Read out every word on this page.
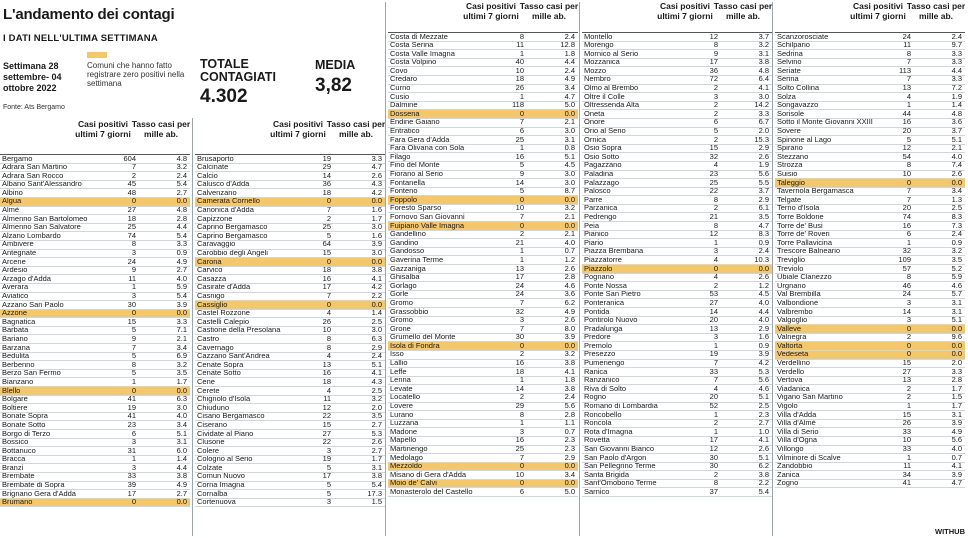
L'andamento dei contagi
I DATI NELL'ULTIMA SETTIMANA
Settimana 28 settembre- 04 ottobre 2022
Comuni che hanno fatto registrare zero positivi nella settimana
Fonte: Ats Bergamo
TOTALE CONTAGIATI
4.302
MEDIA
3,82
WITHUB
Casi positivi ultimi 7 giorni
Tasso casi per mille ab.
Bergamo	604	4.8
Adrara San Martino	7	3.2
Adrara San Rocco	2	2.4
Albano Sant'Alessandro	45	5.4
Albino	48	2.7
Algua	0	0.0
Almè	27	4.8
Almenno San Bartolomeo	18	2.8
Almenno San Salvatore	25	4.4
Alzano Lombardo	74	5.4
Ambivere	8	3.3
Antegnate	3	0.9
Arcene	24	4.9
Ardesio	9	2.7
Arzago d'Adda	11	4.0
Averara	1	5.9
Aviatico	3	5.4
Azzano San Paolo	30	3.9
Azzone	0	0.0
Bagnatica	15	3.3
Barbata	5	7.1
Bariano	9	2.1
Barzana	7	3.4
Bedulita	5	6.9
Berbenno	8	3.2
Berzo San Fermo	5	3.5
Bianzano	1	1.7
Blello	0	0.0
Bolgare	41	6.3
Boltiere	19	3.0
Bonate Sopra	41	4.0
Bonate Sotto	23	3.4
Borgo di Terzo	6	5.1
Bossico	3	3.1
Bottanuco	31	6.0
Bracca	1	1.4
Branzi	3	4.4
Brembate	33	3.8
Brembate di Sopra	39	4.9
Brignano Gera d'Adda	17	2.7
Brumano	0	0.0
Casi positivi ultimi 7 giorni
Tasso casi per mille ab.
Brusaporto	19	3.3
Calcinate	29	4.7
Calcio	14	2.6
Calusco d'Adda	36	4.3
Calvenzano	18	4.2
Camerata Cornello	0	0.0
Canonica d'Adda	7	1.6
Capizzone	2	1.7
Caprino Bergamasco	25	3.0
Caprino Bergamasco	5	1.6
Caravaggio	64	3.9
Carobbio degli Angeli	15	3.0
Carona	0	0.0
Carvico	18	3.8
Casazza	16	4.1
Casirate d'Adda	17	4.2
Casnigo	7	2.2
Cassiglio	0	0.0
Castel Rozzone	4	1.4
Castelli Calepio	26	2.5
Castione della Presolana	10	3.0
Castro	8	6.3
Cavernago	8	2.9
Cazzano Sant'Andrea	4	2.4
Cenate Sopra	13	5.1
Cenate Sotto	16	4.1
Cene	18	4.3
Cerete	4	2.5
Chignolo d'Isola	11	3.2
Chiuduno	12	2.0
Cisano Bergamasco	22	3.5
Ciserano	15	2.7
Cividate al Piano	27	5.3
Clusone	22	2.6
Colere	3	2.7
Cologno al Serio	19	1.7
Colzate	5	3.1
Comun Nuovo	17	3.8
Corna Imagna	5	5.4
Cornalba	5	17.3
Cortenuova	3	1.5
Casi positivi ultimi 7 giorni
Tasso casi per mille ab.
Costa di Mezzate	8	2.4
Costa Serina	11	12.8
Costa Valle Imagna	1	1.8
Costa Volpino	40	4.4
Covo	10	2.4
Credaro	18	4.9
Curno	26	3.4
Cusio	1	4.7
Dalmine	118	5.0
Dossena	0	0.0
Endine Gaiano	7	2.1
Entratico	6	3.0
Fara Gera d'Adda	25	3.1
Fara Olivana con Sola	1	0.8
Filago	16	5.1
Fino del Monte	5	4.5
Fiorano al Serio	9	3.0
Fontanella	14	3.0
Fonteno	5	8.7
Foppolo	0	0.0
Foresto Sparso	10	3.2
Fornovo San Giovanni	7	2.1
Fuipiano Valle Imagna	0	0.0
Gandellino	2	2.1
Gandino	21	4.0
Gandosso	1	0.7
Gaverina Terme	1	1.2
Gazzaniga	13	2.6
Ghisalba	17	2.8
Gorlago	24	4.6
Gorle	24	3.6
Gromo	7	6.2
Grassobbio	32	4.9
Gromo	3	2.6
Grone	7	8.0
Grumello del Monte	30	3.9
Isola di Fondra	0	0.0
Isso	2	3.2
Lallio	16	3.8
Leffe	18	4.1
Lenna	1	1.8
Levate	14	3.8
Locatello	2	2.4
Lovere	29	5.6
Lurano	8	2.8
Luzzana	1	1.1
Madone	3	0.7
Mapello	16	2.3
Martinengo	25	2.3
Medolago	7	2.9
Mezzoldo	0	0.0
Misano di Gera d'Adda	10	3.4
Moio de' Calvi	0	0.0
Monasterolo del Castello	6	5.0
Casi positivi ultimi 7 giorni
Tasso casi per mille ab.
Montello	12	3.7
Morengo	8	3.2
Mornico al Serio	9	3.1
Mozzanica	17	3.8
Mozzo	36	4.8
Nembro	72	6.4
Olmo al Brembo	2	4.1
Oltre il Colle	3	3.0
Oltressenda Alta	2	14.2
Oneta	2	3.3
Onore	6	6.7
Orio al Serio	5	2.0
Ornica	2	15.3
Osio Sopra	15	2.9
Osio Sotto	32	2.6
Pagazzano	4	1.9
Paladina	23	5.6
Palazzago	25	5.5
Palosco	22	3.7
Parre	8	2.9
Parzanica	2	6.1
Pedrengo	21	3.5
Peia	8	4.7
Pianico	12	8.3
Piario	1	0.9
Piazza Brembana	3	2.4
Piazzatorre	4	10.3
Piazzolo	0	0.0
Pognano	4	2.6
Ponte Nossa	2	1.2
Ponte San Pietro	53	4.5
Ponteranica	27	4.0
Pontida	14	4.4
Pontirolo Nuovo	20	4.0
Pradalunga	13	2.9
Predore	3	1.6
Premolo	1	0.9
Presezzo	19	3.9
Pumenengo	7	4.2
Ranica	33	5.3
Ranzanico	7	5.6
Riva di Solto	4	4.6
Rogno	20	5.1
Romano di Lombardia	52	2.5
Roncobello	1	2.3
Roncola	2	2.7
Rota d'Imagna	1	1.0
Rovetta	17	4.1
San Giovanni Bianco	12	2.6
San Paolo d'Argon	30	5.1
San Pellegrino Terme	30	6.2
Santa Brigida	2	3.8
Sant'Omobono Terme	8	2.2
Sarnico	37	5.4
Casi positivi ultimi 7 giorni
Tasso casi per mille ab.
Scanzorosciate	24	2.4
Schilpario	11	9.7
Sedrina	8	3.3
Selvino	7	3.3
Seriate	113	4.4
Serina	7	3.3
Solto Collina	13	7.2
Solza	4	1.9
Songavazzo	1	1.4
Sorisole	44	4.8
Sotto il Monte Giovanni XXIII	16	3.6
Sovere	20	3.7
Spinone al Lago	5	5.1
Spirano	12	2.1
Stezzano	54	4.0
Strozza	8	7.4
Suisio	10	2.6
Taleggio	0	0.0
Tavernola Bergamasca	7	3.4
Telgate	7	1.3
Terno d'Isola	20	2.5
Torre Boldone	74	8.3
Torre de' Busi	16	7.3
Torre de' Roveri	6	2.4
Torre Pallavicina	1	0.9
Trescore Balneario	32	3.2
Treviglio	109	3.5
Treviolo	57	5.2
Ubiale Clanezzo	8	5.9
Urgnano	46	4.6
Val Brembilla	24	5.7
Valbondione	3	3.1
Valbrembo	14	3.1
Valgoglio	3	5.1
Valleve	0	0.0
Valnegra	2	9.6
Valtorta	0	0.0
Vedeseta	0	0.0
Verdellino	15	2.0
Verdello	27	3.3
Vertova	13	2.8
Viadanica	2	1.7
Vigano San Martino	2	1.5
Vigolo	1	1.7
Villa d'Adda	15	3.1
Villa d'Almè	26	3.9
Villa di Serio	33	4.9
Villa d'Ogna	10	5.6
Villongo	33	4.0
Vilminore di Scalve	1	0.7
Zandobbio	11	4.1
Zanica	34	3.9
Zogno	41	4.7
